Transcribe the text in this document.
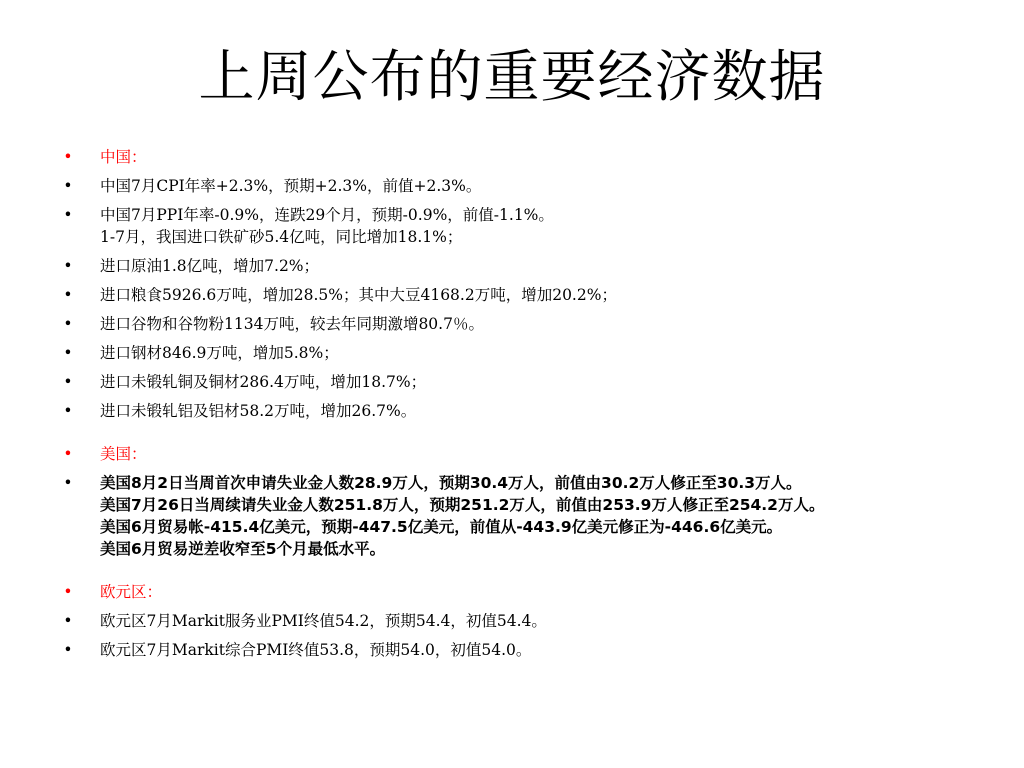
上周公布的重要经济数据
• 中国：
• 中国7月CPI年率+2.3%，预期+2.3%，前值+2.3%。
• 中国7月PPI年率-0.9%，连跌29个月，预期-0.9%，前值-1.1%。
1-7月，我国进口铁矿砂5.4亿吨，同比增加18.1%；
• 进口原油1.8亿吨，增加7.2%；
• 进口粮食5926.6万吨，增加28.5%；其中大豆4168.2万吨，增加20.2%；
• 进口谷物和谷物粉1134万吨，较去年同期激增80.7％。
• 进口钢材846.9万吨，增加5.8%；
• 进口未锻轧铜及铜材286.4万吨，增加18.7%；
• 进口未锻轧铝及铝材58.2万吨，增加26.7%。
• 美国：
• 美国8月2日当周首次申请失业金人数28.9万人，预期30.4万人，前值由30.2万人修正至30.3万人。
美国7月26日当周续请失业金人数251.8万人，预期251.2万人，前值由253.9万人修正至254.2万人。
美国6月贸易帐-415.4亿美元，预期-447.5亿美元，前值从-443.9亿美元修正为-446.6亿美元。
美国6月贸易逆差收窄至5个月最低水平。
• 欧元区：
• 欧元区7月Markit服务业PMI终值54.2，预期54.4，初值54.4。
• 欧元区7月Markit综合PMI终值53.8，预期54.0，初值54.0。
